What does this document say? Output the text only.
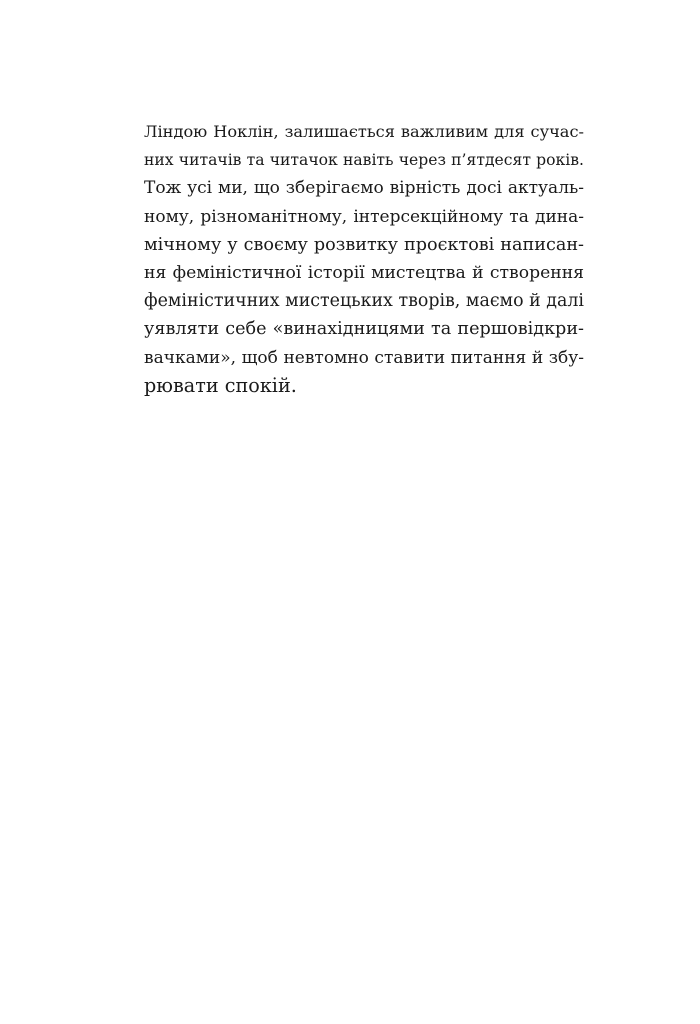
Ліндою Ноклін, залишається важливим для сучас-
них читачів та читачок навіть через п’ятдесят років.
Тож усі ми, що зберігаємо вірність досі актуаль-
ному, різноманітному, інтерсекційному та дина-
мічному у своєму розвитку проєктові написан-
ня феміністичної історії мистецтва й створення
феміністичних мистецьких творів, маємо й далі
уявляти себе «винахідницями та першовідкри-
вачками», щоб невтомно ставити питання й збу-
рювати спокій.
